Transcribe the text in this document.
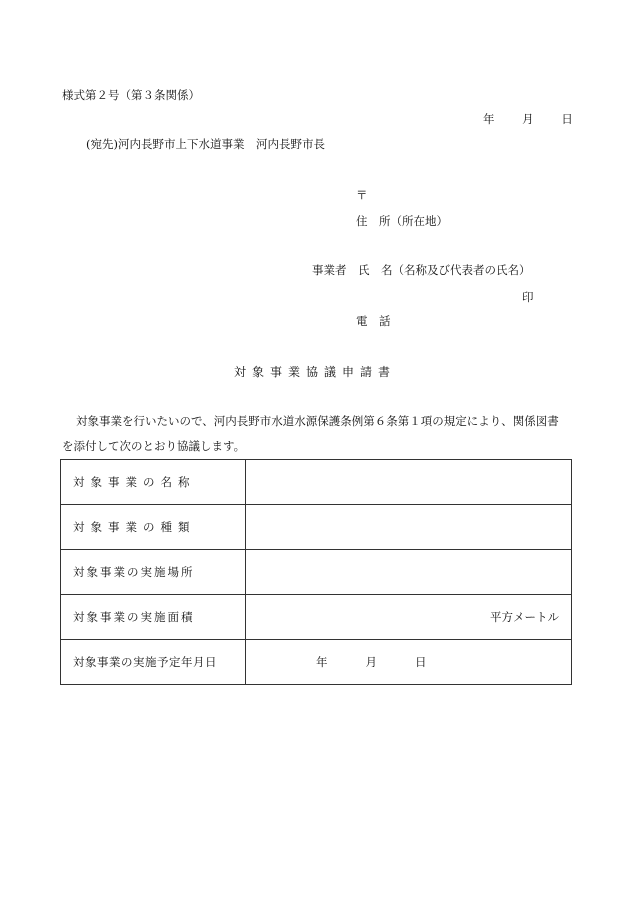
様式第２号（第３条関係）
年 月 日
(宛先)河内長野市上下水道事業　河内長野市長
〒
住　所（所在地）
事業者　氏　名（名称及び代表者の氏名）
印
電　話
対象事業協議申請書
対象事業を行いたいので、河内長野市水道水源保護条例第６条第１項の規定により、関係図書
を添付して次のとおり協議します。
対象事業の名称	
対象事業の種類	
対象事業の実施場所	
対象事業の実施面積	平方メートル
対象事業の実施予定年月日	年 月 日
